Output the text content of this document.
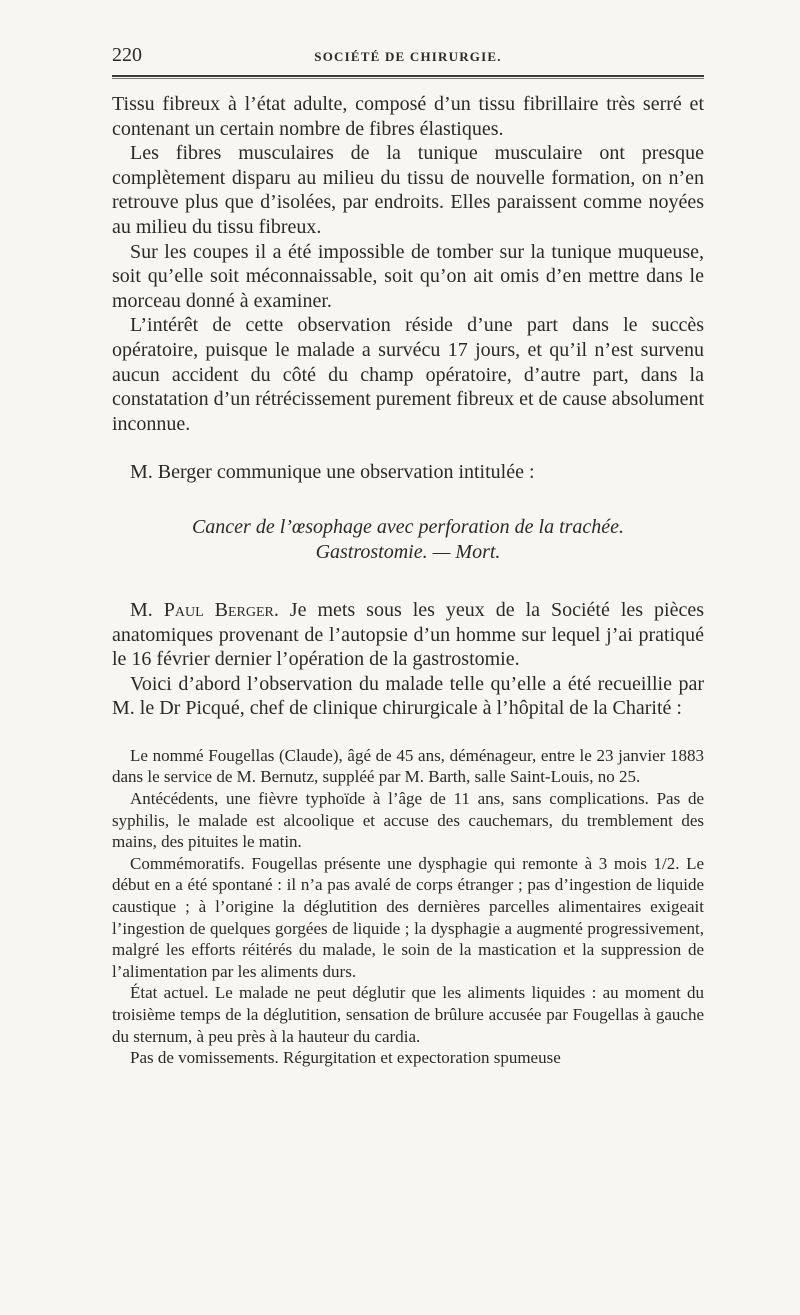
220	SOCIÉTÉ DE CHIRURGIE.

Tissu fibreux à l’état adulte, composé d’un tissu fibrillaire très serré et contenant un certain nombre de fibres élastiques.

Les fibres musculaires de la tunique musculaire ont presque complètement disparu au milieu du tissu de nouvelle formation, on n’en retrouve plus que d’isolées, par endroits. Elles paraissent comme noyées au milieu du tissu fibreux.

Sur les coupes il a été impossible de tomber sur la tunique muqueuse, soit qu’elle soit méconnaissable, soit qu’on ait omis d’en mettre dans le morceau donné à examiner.

L’intérêt de cette observation réside d’une part dans le succès opératoire, puisque le malade a survécu 17 jours, et qu’il n’est survenu aucun accident du côté du champ opératoire, d’autre part, dans la constatation d’un rétrécissement purement fibreux et de cause absolument inconnue.

M. Berger communique une observation intitulée :

Cancer de l’œsophage avec perforation de la trachée.
Gastrostomie. — Mort.

M. Paul Berger. Je mets sous les yeux de la Société les pièces anatomiques provenant de l’autopsie d’un homme sur lequel j’ai pratiqué le 16 février dernier l’opération de la gastrostomie.

Voici d’abord l’observation du malade telle qu’elle a été recueillie par M. le Dr Picqué, chef de clinique chirurgicale à l’hôpital de la Charité :

Le nommé Fougellas (Claude), âgé de 45 ans, déménageur, entre le 23 janvier 1883 dans le service de M. Bernutz, suppléé par M. Barth, salle Saint-Louis, no 25.

Antécédents, une fièvre typhoïde à l’âge de 11 ans, sans complications. Pas de syphilis, le malade est alcoolique et accuse des cauchemars, du tremblement des mains, des pituites le matin.

Commémoratifs. Fougellas présente une dysphagie qui remonte à 3 mois 1/2. Le début en a été spontané : il n’a pas avalé de corps étranger ; pas d’ingestion de liquide caustique ; à l’origine la déglutition des dernières parcelles alimentaires exigeait l’ingestion de quelques gorgées de liquide ; la dysphagie a augmenté progressivement, malgré les efforts réitérés du malade, le soin de la mastication et la suppression de l’alimentation par les aliments durs.

État actuel. Le malade ne peut déglutir que les aliments liquides : au moment du troisième temps de la déglutition, sensation de brûlure accusée par Fougellas à gauche du sternum, à peu près à la hauteur du cardia.

Pas de vomissements. Régurgitation et expectoration spumeuse
